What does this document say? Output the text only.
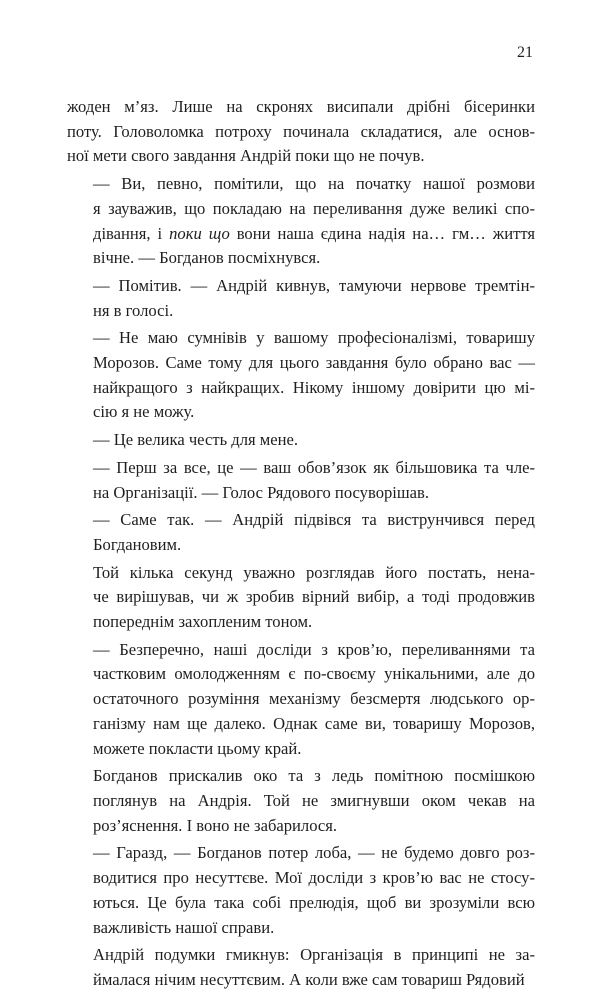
21
жоден м’яз. Лише на скронях висипали дрібні бісеринки
поту. Головоломка потроху починала складатися, але основ-
ної мети свого завдання Андрій поки що не почув.
— Ви, певно, помітили, що на початку нашої розмови
я зауважив, що покладаю на переливання дуже великі спо-
дівання, і поки що вони наша єдина надія на… гм… життя
вічне. — Богданов посміхнувся.
— Помітив. — Андрій кивнув, тамуючи нервове тремтін-
ня в голосі.
— Не маю сумнівів у вашому професіоналізмі, товаришу
Морозов. Саме тому для цього завдання було обрано вас —
найкращого з найкращих. Нікому іншому довірити цю мі-
сію я не можу.
— Це велика честь для мене.
— Перш за все, це — ваш обов’язок як більшовика та чле-
на Організації. — Голос Рядового посуворішав.
— Саме так. — Андрій підвівся та виструнчився перед
Богдановим.
Той кілька секунд уважно розглядав його постать, нена-
че вирішував, чи ж зробив вірний вибір, а тоді продовжив
попереднім захопленим тоном.
— Безперечно, наші досліди з кров’ю, переливаннями та
частковим омолодженням є по-своєму унікальними, але до
остаточного розуміння механізму безсмертя людського ор-
ганізму нам ще далеко. Однак саме ви, товаришу Морозов,
можете покласти цьому край.
Богданов прискалив око та з ледь помітною посмішкою
поглянув на Андрія. Той не змигнувши оком чекав на
роз’яснення. І воно не забарилося.
— Гаразд, — Богданов потер лоба, — не будемо довго роз-
водитися про несуттєве. Мої досліди з кров’ю вас не стосу-
ються. Це була така собі прелюдія, щоб ви зрозуміли всю
важливість нашої справи.
Андрій подумки гмикнув: Організація в принципі не за-
ймалася нічим несуттєвим. А коли вже сам товариш Рядовий
